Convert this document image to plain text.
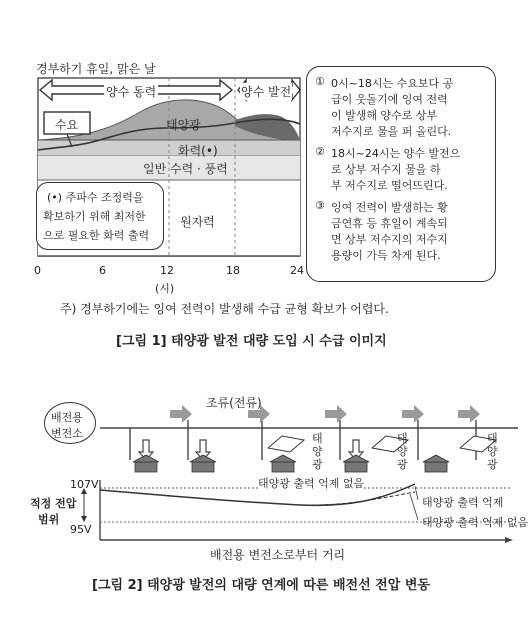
경부하기 휴일, 맑은 날
양수 동력	양수 발전
수요	태양광
화력(•)
일반 수력 · 풍력
원자력
(•) 주파수 조정력을
확보하기 위해 최저한
으로 필요한 화력 출력
0	6	12	18	24
(시)
① 0시~18시는 수요보다 공
급이 웃돌기에 잉여 전력
이 발생해 양수로 상부
저수지로 물을 퍼 올린다.
② 18시~24시는 양수 발전으
로 상부 저수지 물을 하
부 저수지로 떨어뜨린다.
③ 잉여 전력이 발생하는 황
금연휴 등 휴일이 계속되
면 상부 저수지의 저수지
용량이 가득 차게 된다.
주) 경부하기에는 잉여 전력이 발생해 수급 균형 확보가 어렵다.
[그림 1] 태양광 발전 대량 도입 시 수급 이미지
배전용
변전소
조류(전류)
태
양
광
태
양
광
태
양
광
태양광 출력 억제 없음
107V
95V
적정 전압
범위
태양광 출력 억제
태양광 출력 억제 없음
배전용 변전소로부터 거리
[그림 2] 태양광 발전의 대량 연계에 따른 배전선 전압 변동
